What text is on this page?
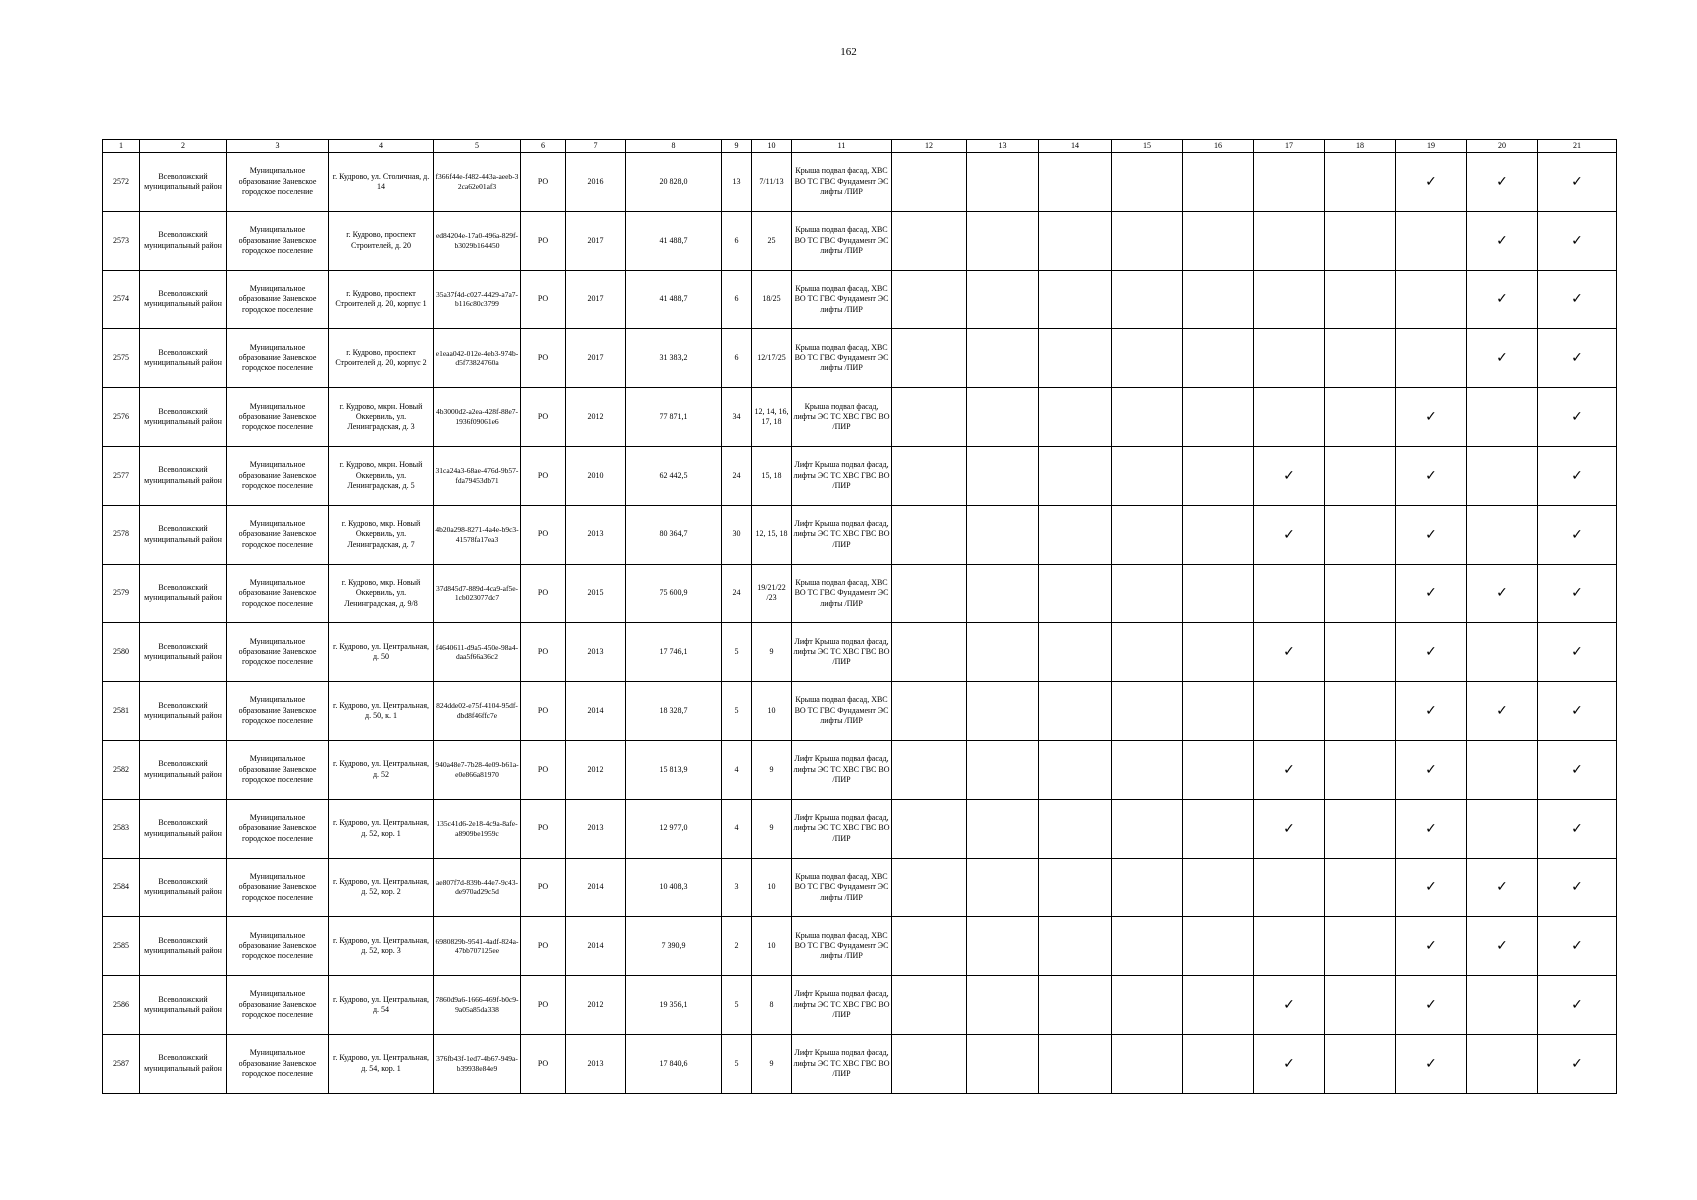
162
1	2	3	4	5	6	7	8	9	10	11	12	13	14	15	16	17	18	19	20	21
2572	Всеволожский муниципальный район	Муниципальное образование Заневское городское поселение	г. Кудрово, ул. Столичная, д. 14	f366f44e-f482-443a-aeeb-32ca62e01af3	РО	2016	20 828,0	13	7/11/13	Крыша подвал фасад, ХВС ВО ТС ГВС Фундамент ЭС лифты /ПИР								✓	✓	✓
2573	Всеволожский муниципальный район	Муниципальное образование Заневское городское поселение	г. Кудрово, проспект Строителей, д. 20	ed84204e-17a0-496a-829f-b3029b164450	РО	2017	41 488,7	6	25	Крыша подвал фасад, ХВС ВО ТС ГВС Фундамент ЭС лифты /ПИР									✓	✓
2574	Всеволожский муниципальный район	Муниципальное образование Заневское городское поселение	г. Кудрово, проспект Строителей д. 20, корпус 1	35a37f4d-c027-4429-a7a7-b116c80c3799	РО	2017	41 488,7	6	18/25	Крыша подвал фасад, ХВС ВО ТС ГВС Фундамент ЭС лифты /ПИР									✓	✓
2575	Всеволожский муниципальный район	Муниципальное образование Заневское городское поселение	г. Кудрово, проспект Строителей д. 20, корпус 2	e1eaa042-012e-4eb3-974b-d5f73824760a	РО	2017	31 383,2	6	12/17/25	Крыша подвал фасад, ХВС ВО ТС ГВС Фундамент ЭС лифты /ПИР									✓	✓
2576	Всеволожский муниципальный район	Муниципальное образование Заневское городское поселение	г. Кудрово, мкрн. Новый Оккервиль, ул. Ленинградская, д. 3	4b3000d2-a2ea-428f-88e7-1936f09061e6	РО	2012	77 871,1	34	12, 14, 16, 17, 18	Крыша подвал фасад, лифты ЭС ТС ХВС ГВС ВО /ПИР								✓		✓
2577	Всеволожский муниципальный район	Муниципальное образование Заневское городское поселение	г. Кудрово, мкрн. Новый Оккервиль, ул. Ленинградская, д. 5	31ca24a3-68ae-476d-9b57-fda79453db71	РО	2010	62 442,5	24	15, 18	Лифт Крыша подвал фасад, лифты ЭС ТС ХВС ГВС ВО /ПИР						✓		✓		✓
2578	Всеволожский муниципальный район	Муниципальное образование Заневское городское поселение	г. Кудрово, мкр. Новый Оккервиль, ул. Ленинградская, д. 7	4b20a298-8271-4a4e-b9c3-41578fa17ea3	РО	2013	80 364,7	30	12, 15, 18	Лифт Крыша подвал фасад, лифты ЭС ТС ХВС ГВС ВО /ПИР						✓		✓		✓
2579	Всеволожский муниципальный район	Муниципальное образование Заневское городское поселение	г. Кудрово, мкр. Новый Оккервиль, ул. Ленинградская, д. 9/8	37d845d7-889d-4ca9-af5e-1cb023077dc7	РО	2015	75 600,9	24	19/21/22 /23	Крыша подвал фасад, ХВС ВО ТС ГВС Фундамент ЭС лифты /ПИР								✓	✓	✓
2580	Всеволожский муниципальный район	Муниципальное образование Заневское городское поселение	г. Кудрово, ул. Центральная, д. 50	f4640611-d9a5-450e-98a4-daa5f66a36c2	РО	2013	17 746,1	5	9	Лифт Крыша подвал фасад, лифты ЭС ТС ХВС ГВС ВО /ПИР						✓		✓		✓
2581	Всеволожский муниципальный район	Муниципальное образование Заневское городское поселение	г. Кудрово, ул. Центральная, д. 50, к. 1	824dde02-e75f-4104-95df-dbd8f46ffc7e	РО	2014	18 328,7	5	10	Крыша подвал фасад, ХВС ВО ТС ГВС Фундамент ЭС лифты /ПИР								✓	✓	✓
2582	Всеволожский муниципальный район	Муниципальное образование Заневское городское поселение	г. Кудрово, ул. Центральная, д. 52	940a48e7-7b28-4e09-b61a-e0e866a81970	РО	2012	15 813,9	4	9	Лифт Крыша подвал фасад, лифты ЭС ТС ХВС ГВС ВО /ПИР						✓		✓		✓
2583	Всеволожский муниципальный район	Муниципальное образование Заневское городское поселение	г. Кудрово, ул. Центральная, д. 52, кор. 1	135c41d6-2e18-4c9a-8afe-a8909be1959c	РО	2013	12 977,0	4	9	Лифт Крыша подвал фасад, лифты ЭС ТС ХВС ГВС ВО /ПИР						✓		✓		✓
2584	Всеволожский муниципальный район	Муниципальное образование Заневское городское поселение	г. Кудрово, ул. Центральная, д. 52, кор. 2	ae807f7d-839b-44e7-9c43-de970ad29c5d	РО	2014	10 408,3	3	10	Крыша подвал фасад, ХВС ВО ТС ГВС Фундамент ЭС лифты /ПИР								✓	✓	✓
2585	Всеволожский муниципальный район	Муниципальное образование Заневское городское поселение	г. Кудрово, ул. Центральная, д. 52, кор. 3	6980829b-9541-4adf-824a-47bb707125ee	РО	2014	7 390,9	2	10	Крыша подвал фасад, ХВС ВО ТС ГВС Фундамент ЭС лифты /ПИР								✓	✓	✓
2586	Всеволожский муниципальный район	Муниципальное образование Заневское городское поселение	г. Кудрово, ул. Центральная, д. 54	7860d9a6-1666-469f-b0c9-9a05a85da338	РО	2012	19 356,1	5	8	Лифт Крыша подвал фасад, лифты ЭС ТС ХВС ГВС ВО /ПИР						✓		✓		✓
2587	Всеволожский муниципальный район	Муниципальное образование Заневское городское поселение	г. Кудрово, ул. Центральная, д. 54, кор. 1	376fb43f-1ed7-4b67-949a-b39938e84e9	РО	2013	17 840,6	5	9	Лифт Крыша подвал фасад, лифты ЭС ТС ХВС ГВС ВО /ПИР						✓		✓		✓
